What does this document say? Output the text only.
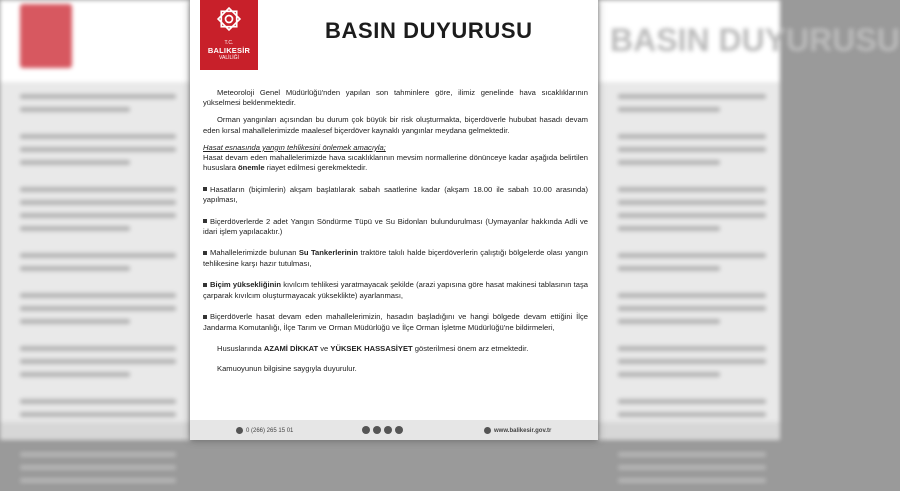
BASIN DUYURUSU
T.C.
BALIKESİR
VALİLİĞİ
BASIN DUYURUSU

Meteoroloji Genel Müdürlüğü'nden yapılan son tahminlere göre, ilimiz genelinde hava sıcaklıklarının yükselmesi beklenmektedir.

Orman yangınları açısından bu durum çok büyük bir risk oluşturmakta, biçerdöverle hububat hasadı devam eden kırsal mahallelerimizde maalesef biçerdöver kaynaklı yangınlar meydana gelmektedir.

Hasat esnasında yangın tehlikesini önlemek amacıyla;

Hasat devam eden mahallelerimizde hava sıcaklıklarının mevsim normallerine dönünceye kadar aşağıda belirtilen hususlara önemle riayet edilmesi gerekmektedir.

Hasatların (biçimlerin) akşam başlatılarak sabah saatlerine kadar (akşam 18.00 ile sabah 10.00 arasında) yapılması,
Biçerdöverlerde 2 adet Yangın Söndürme Tüpü ve Su Bidonları bulundurulması (Uymayanlar hakkında Adli ve idari işlem yapılacaktır.)
Mahallelerimizde bulunan Su Tankerlerinin traktöre takılı halde biçerdöverlerin çalıştığı bölgelerde olası yangın tehlikesine karşı hazır tutulması,
Biçim yüksekliğinin kıvılcım tehlikesi yaratmayacak şekilde (arazi yapısına göre hasat makinesi tablasının taşa çarparak kıvılcım oluşturmayacak yükseklikte) ayarlanması,
Biçerdöverle hasat devam eden mahallelerimizin, hasadın başladığını ve hangi bölgede devam ettiğini İlçe Jandarma Komutanlığı, İlçe Tarım ve Orman Müdürlüğü ve İlçe Orman İşletme Müdürlüğü'ne bildirmeleri,

Hususlarında AZAMİ DİKKAT ve YÜKSEK HASSASİYET gösterilmesi önem arz etmektedir.

Kamuoyunun bilgisine saygıyla duyurulur.

0 (266) 265 15 01	www.balikesir.gov.tr
